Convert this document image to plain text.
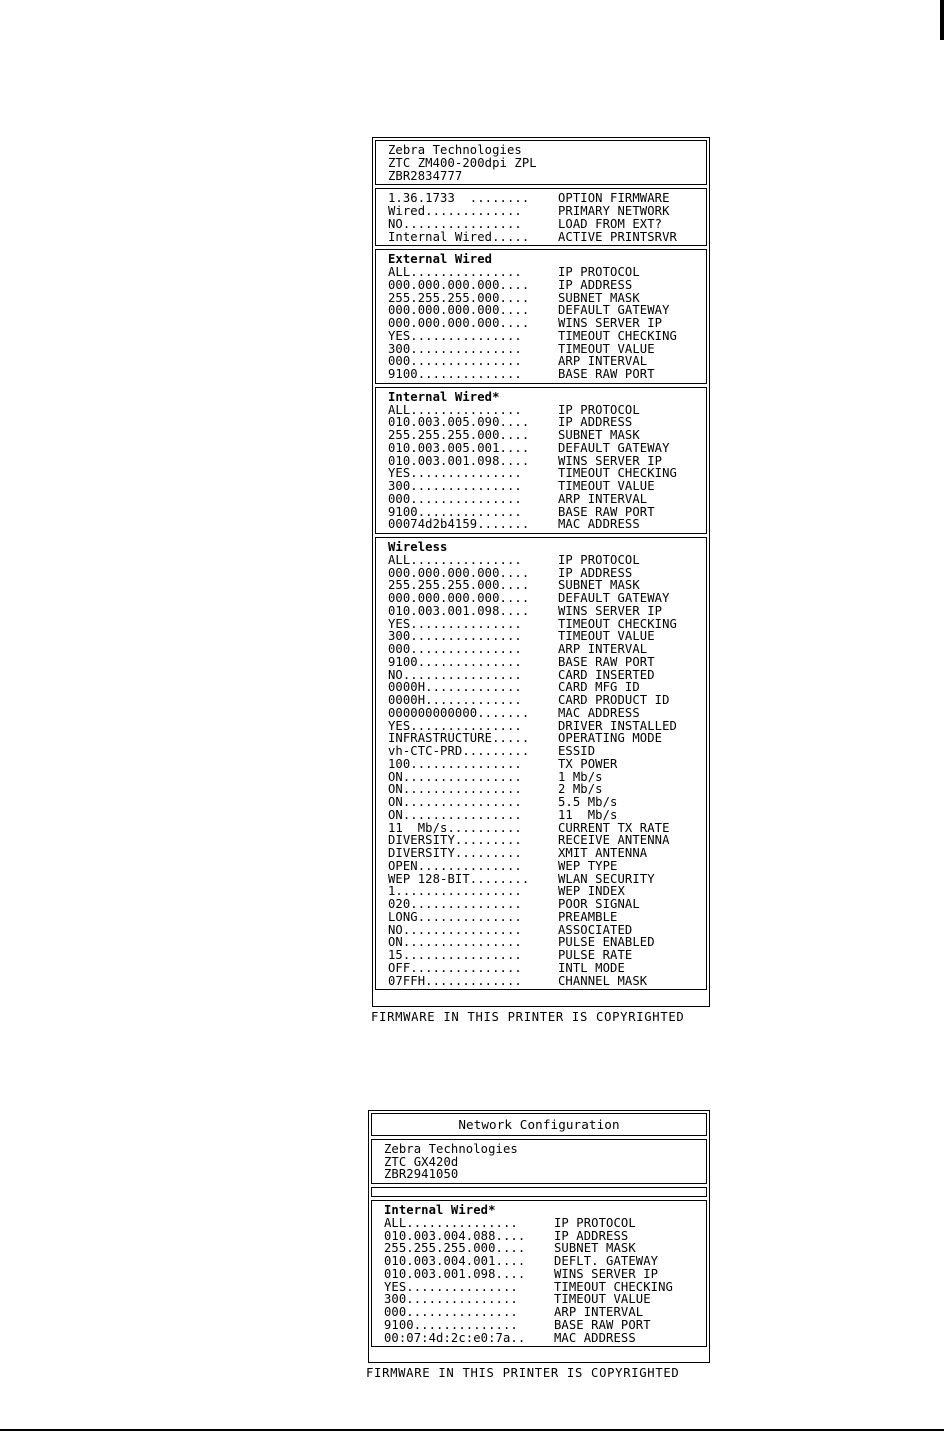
Zebra Technologies
ZTC ZM400-200dpi ZPL
ZBR2834777
1.36.1733  ........	OPTION FIRMWARE
Wired.............	PRIMARY NETWORK
NO................	LOAD FROM EXT?
Internal Wired.....	ACTIVE PRINTSRVR
External Wired
ALL...............	IP PROTOCOL
000.000.000.000....	IP ADDRESS
255.255.255.000....	SUBNET MASK
000.000.000.000....	DEFAULT GATEWAY
000.000.000.000....	WINS SERVER IP
YES...............	TIMEOUT CHECKING
300...............	TIMEOUT VALUE
000...............	ARP INTERVAL
9100..............	BASE RAW PORT
Internal Wired*
ALL...............	IP PROTOCOL
010.003.005.090....	IP ADDRESS
255.255.255.000....	SUBNET MASK
010.003.005.001....	DEFAULT GATEWAY
010.003.001.098....	WINS SERVER IP
YES...............	TIMEOUT CHECKING
300...............	TIMEOUT VALUE
000...............	ARP INTERVAL
9100..............	BASE RAW PORT
00074d2b4159.......	MAC ADDRESS
Wireless
ALL...............	IP PROTOCOL
000.000.000.000....	IP ADDRESS
255.255.255.000....	SUBNET MASK
000.000.000.000....	DEFAULT GATEWAY
010.003.001.098....	WINS SERVER IP
YES...............	TIMEOUT CHECKING
300...............	TIMEOUT VALUE
000...............	ARP INTERVAL
9100..............	BASE RAW PORT
NO................	CARD INSERTED
0000H.............	CARD MFG ID
0000H.............	CARD PRODUCT ID
000000000000.......	MAC ADDRESS
YES...............	DRIVER INSTALLED
INFRASTRUCTURE.....	OPERATING MODE
vh-CTC-PRD.........	ESSID
100...............	TX POWER
ON................	1 Mb/s
ON................	2 Mb/s
ON................	5.5 Mb/s
ON................	11  Mb/s
11  Mb/s..........	CURRENT TX RATE
DIVERSITY.........	RECEIVE ANTENNA
DIVERSITY.........	XMIT ANTENNA
OPEN..............	WEP TYPE
WEP 128-BIT........	WLAN SECURITY
1.................	WEP INDEX
020...............	POOR SIGNAL
LONG..............	PREAMBLE
NO................	ASSOCIATED
ON................	PULSE ENABLED
15................	PULSE RATE
OFF...............	INTL MODE
07FFH.............	CHANNEL MASK
FIRMWARE IN THIS PRINTER IS COPYRIGHTED
Network Configuration
Zebra Technologies
ZTC GX420d
ZBR2941050
Internal Wired*
ALL...............	IP PROTOCOL
010.003.004.088....	IP ADDRESS
255.255.255.000....	SUBNET MASK
010.003.004.001....	DEFLT. GATEWAY
010.003.001.098....	WINS SERVER IP
YES...............	TIMEOUT CHECKING
300...............	TIMEOUT VALUE
000...............	ARP INTERVAL
9100..............	BASE RAW PORT
00:07:4d:2c:e0:7a..	MAC ADDRESS
FIRMWARE IN THIS PRINTER IS COPYRIGHTED
